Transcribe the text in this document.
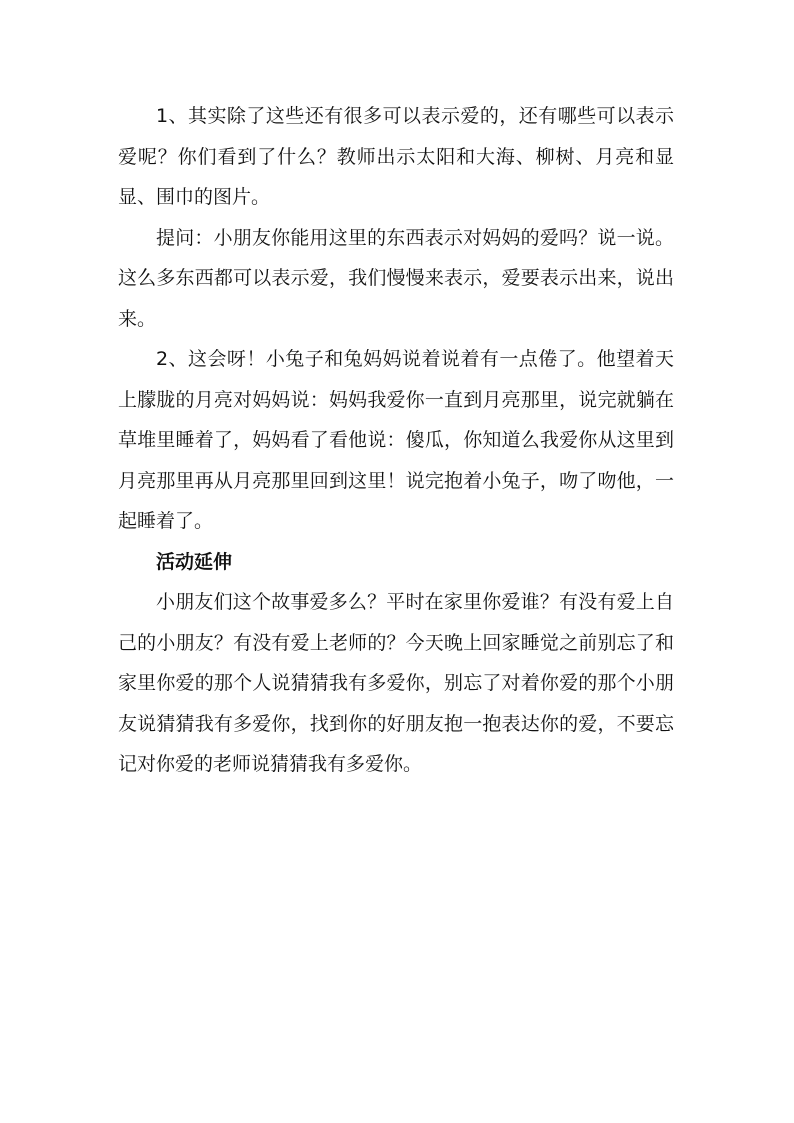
1、其实除了这些还有很多可以表示爱的，还有哪些可以表示爱呢？你们看到了什么？教师出示太阳和大海、柳树、月亮和显显、围巾的图片。

提问：小朋友你能用这里的东西表示对妈妈的爱吗？说一说。这么多东西都可以表示爱，我们慢慢来表示，爱要表示出来，说出来。

2、这会呀！小兔子和兔妈妈说着说着有一点倦了。他望着天上朦胧的月亮对妈妈说：妈妈我爱你一直到月亮那里，说完就躺在草堆里睡着了，妈妈看了看他说：傻瓜，你知道么我爱你从这里到月亮那里再从月亮那里回到这里！说完抱着小兔子，吻了吻他，一起睡着了。

活动延伸

小朋友们这个故事爱多么？平时在家里你爱谁？有没有爱上自己的小朋友？有没有爱上老师的？今天晚上回家睡觉之前别忘了和家里你爱的那个人说猜猜我有多爱你，别忘了对着你爱的那个小朋友说猜猜我有多爱你，找到你的好朋友抱一抱表达你的爱，不要忘记对你爱的老师说猜猜我有多爱你。
